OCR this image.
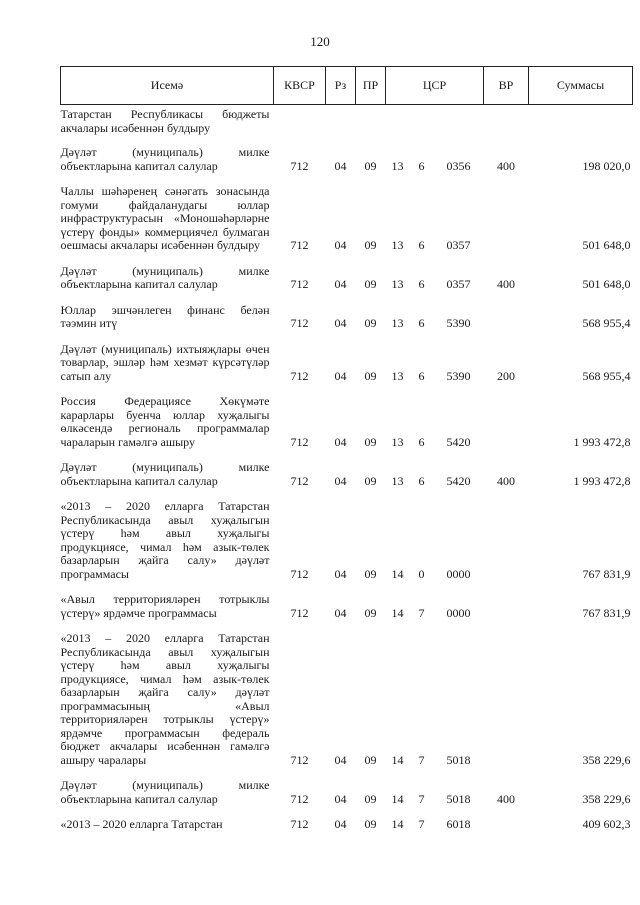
120
Исемә	КВСР	Рз	ПР	ЦСР			ВР	Суммасы
Татарстан Республикасы бюджеты акчалары исәбеннән булдыру								
Дәүләт (муниципаль) милке объектларына капитал салулар	712	04	09	13	6	0356	400	198 020,0
Чаллы шәһәренең сәнәгать зонасында гомуми файдаланудагы юллар инфраструктурасын «Моношәһәрләрне үстерү фонды» коммерциячел булмаган оешмасы акчалары исәбеннән булдыру	712	04	09	13	6	0357		501 648,0
Дәүләт (муниципаль) милке объектларына капитал салулар	712	04	09	13	6	0357	400	501 648,0
Юллар эшчәнлеген финанс белән тәэмин итү	712	04	09	13	6	5390		568 955,4
Дәүләт (муниципаль) ихтыяҗлары өчен товарлар, эшләр һәм хезмәт күрсәтүләр сатып алу	712	04	09	13	6	5390	200	568 955,4
Россия Федерациясе Хөкүмәте карарлары буенча юллар хуҗалыгы өлкәсендә региональ программалар чараларын гамәлгә ашыру	712	04	09	13	6	5420		1 993 472,8
Дәүләт (муниципаль) милке объектларына капитал салулар	712	04	09	13	6	5420	400	1 993 472,8
«2013 – 2020 елларга Татарстан Республикасында авыл хуҗалыгын үстерү һәм авыл хуҗалыгы продукциясе, чимал һәм азык-төлек базарларын җайга салу» дәүләт программасы	712	04	09	14	0	0000		767 831,9
«Авыл территорияләрен тотрыклы үстерү» ярдәмче программасы	712	04	09	14	7	0000		767 831,9
«2013 – 2020 елларга Татарстан Республикасында авыл хуҗалыгын үстерү һәм авыл хуҗалыгы продукциясе, чимал һәм азык-төлек базарларын җайга салу» дәүләт программасының «Авыл территорияләрен тотрыклы үстерү» ярдәмче программасын федераль бюджет акчалары исәбеннән гамәлгә ашыру чаралары	712	04	09	14	7	5018		358 229,6
Дәүләт (муниципаль) милке объектларына капитал салулар	712	04	09	14	7	5018	400	358 229,6
«2013 – 2020 елларга Татарстан	712	04	09	14	7	6018		409 602,3
